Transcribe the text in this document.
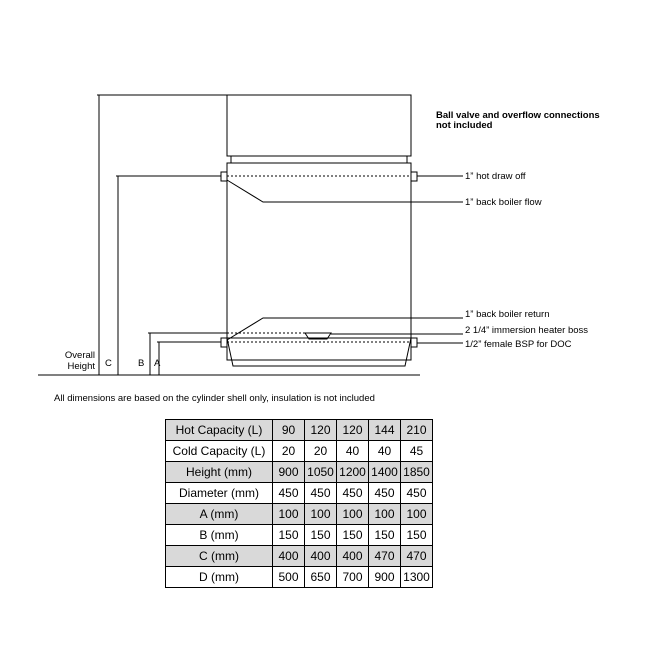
Ball valve and overflow connections
not included
1” hot draw off
1” back boiler flow
1” back boiler return
2 1/4” immersion heater boss
1/2” female BSP for DOC
Overall
Height C	B A
All dimensions are based on the cylinder shell only, insulation is not included
Hot Capacity (L)	90	120	120	144	210
Cold Capacity (L)	20	20	40	40	45
Height (mm)	900	1050	1200	1400	1850
Diameter (mm)	450	450	450	450	450
A (mm)	100	100	100	100	100
B (mm)	150	150	150	150	150
C (mm)	400	400	400	470	470
D (mm)	500	650	700	900	1300
